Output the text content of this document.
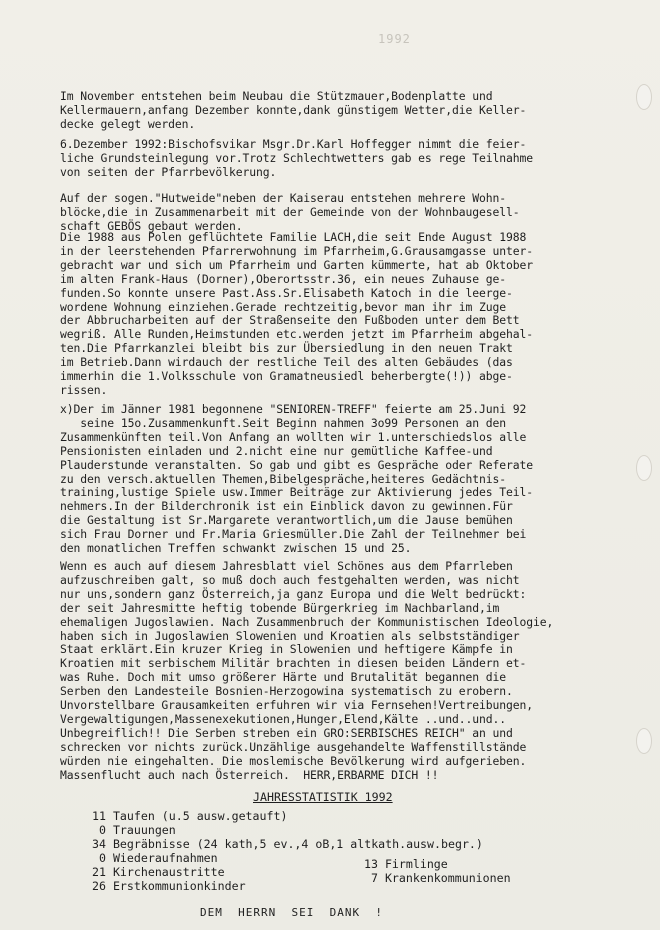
1992
Im November entstehen beim Neubau die Stützmauer,Bodenplatte und
Kellermauern,anfang Dezember konnte,dank günstigem Wetter,die Keller-
decke gelegt werden.
6.Dezember 1992:Bischofsvikar Msgr.Dr.Karl Hoffegger nimmt die feier-
liche Grundsteinlegung vor.Trotz Schlechtwetters gab es rege Teilnahme
von seiten der Pfarrbevölkerung.
Auf der sogen."Hutweide"neben der Kaiserau entstehen mehrere Wohn-
blöcke,die in Zusammenarbeit mit der Gemeinde von der Wohnbaugesell-
schaft GEBÖS gebaut werden.
Die 1988 aus Polen geflüchtete Familie LACH,die seit Ende August 1988
in der leerstehenden Pfarrerwohnung im Pfarrheim,G.Grausamgasse unter-
gebracht war und sich um Pfarrheim und Garten kümmerte, hat ab Oktober
im alten Frank-Haus (Dorner),Oberortsstr.36, ein neues Zuhause ge-
funden.So konnte unsere Past.Ass.Sr.Elisabeth Katoch in die leerge-
wordene Wohnung einziehen.Gerade rechtzeitig,bevor man ihr im Zuge
der Abbrucharbeiten auf der Straßenseite den Fußboden unter dem Bett
wegriß. Alle Runden,Heimstunden etc.werden jetzt im Pfarrheim abgehal-
ten.Die Pfarrkanzlei bleibt bis zur Übersiedlung in den neuen Trakt
im Betrieb.Dann wirdauch der restliche Teil des alten Gebäudes (das
immerhin die 1.Volksschule von Gramatneusiedl beherbergte(!)) abge-
rissen.
x)Der im Jänner 1981 begonnene "SENIOREN-TREFF" feierte am 25.Juni 92
seine 15o.Zusammenkunft.Seit Beginn nahmen 3o99 Personen an den
Zusammenkünften teil.Von Anfang an wollten wir 1.unterschiedslos alle
Pensionisten einladen und 2.nicht eine nur gemütliche Kaffee-und
Plauderstunde veranstalten. So gab und gibt es Gespräche oder Referate
zu den versch.aktuellen Themen,Bibelgespräche,heiteres Gedächtnis-
training,lustige Spiele usw.Immer Beiträge zur Aktivierung jedes Teil-
nehmers.In der Bilderchronik ist ein Einblick davon zu gewinnen.Für
die Gestaltung ist Sr.Margarete verantwortlich,um die Jause bemühen
sich Frau Dorner und Fr.Maria Griesmüller.Die Zahl der Teilnehmer bei
den monatlichen Treffen schwankt zwischen 15 und 25.
Wenn es auch auf diesem Jahresblatt viel Schönes aus dem Pfarrleben
aufzuschreiben galt, so muß doch auch festgehalten werden, was nicht
nur uns,sondern ganz Österreich,ja ganz Europa und die Welt bedrückt:
der seit Jahresmitte heftig tobende Bürgerkrieg im Nachbarland,im
ehemaligen Jugoslawien. Nach Zusammenbruch der Kommunistischen Ideologie,
haben sich in Jugoslawien Slowenien und Kroatien als selbstständiger
Staat erklärt.Ein kruzer Krieg in Slowenien und heftigere Kämpfe in
Kroatien mit serbischem Militär brachten in diesen beiden Ländern et-
was Ruhe. Doch mit umso größerer Härte und Brutalität begannen die
Serben den Landesteile Bosnien-Herzogowina systematisch zu erobern.
Unvorstellbare Grausamkeiten erfuhren wir via Fernsehen!Vertreibungen,
Vergewaltigungen,Massenexekutionen,Hunger,Elend,Kälte ..und..und..
Unbegreiflich!! Die Serben streben ein GRO:SERBISCHES REICH" an und
schrecken vor nichts zurück.Unzählige ausgehandelte Waffenstillstände
würden nie eingehalten. Die moslemische Bevölkerung wird aufgerieben.
Massenflucht auch nach Österreich.  HERR,ERBARME DICH !!
JAHRESSTATISTIK 1992
11 Taufen (u.5 ausw.getauft)
0 Trauungen
34 Begräbnisse (24 kath,5 ev.,4 oB,1 altkath.ausw.begr.)
0 Wiederaufnahmen
21 Kirchenaustritte
26 Erstkommunionkinder
13 Firmlinge
7 Krankenkommunionen
DEM  HERRN  SEI  DANK  !
